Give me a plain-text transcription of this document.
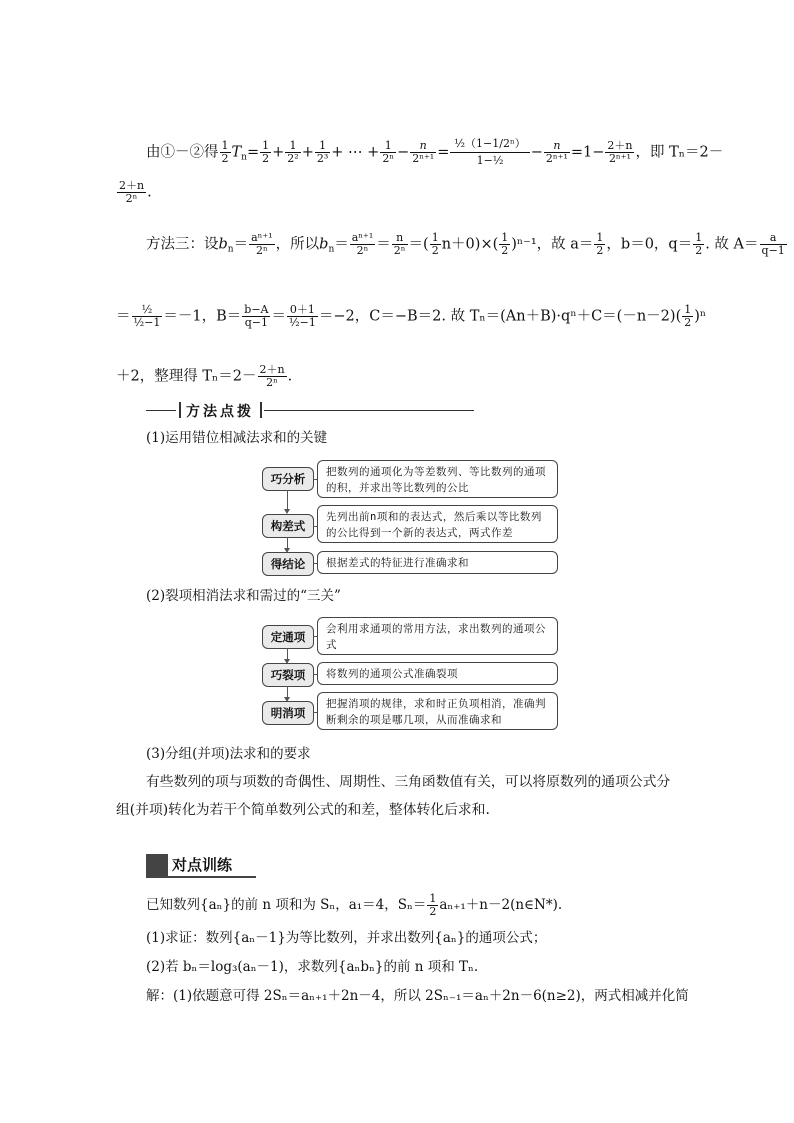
由①－②得 $\frac{1}{2} T_n= \frac{1}{2} + \frac{1}{\text{2²}} + \frac{1}{\text{2³}}$ + ⋯ + $\frac{1}{\text{2ⁿ}} - \frac{n}{\text{2ⁿ⁺¹}} = \frac{\text{½（1−1/2ⁿ）}}{\text{1−½}} - \frac{n}{\text{2ⁿ⁺¹}} =1- \frac{2+n}{\text{2ⁿ⁺¹}}$ ，即 Tₙ＝2－
$\frac{2+n}{\text{2ⁿ}}$ .
方法三：设$b_n= \frac{\text{aⁿ⁺¹}}{\text{2ⁿ}}$ ，所以$b_n= \frac{\text{aⁿ⁺¹}}{\text{2ⁿ}} = \frac{n}{\text{2ⁿ}}$ ＝( $\frac{1}{2} n+0)\times( \frac{1}{2} )^{n-1}$，故 $a= \frac{1}{2}$ ，b＝0，$q= \frac{1}{2}$ . 故 $A= \frac{a}{q-1}$
＝ $\frac{\text{½}}{\text{½−1}} =-1$，$B= \frac{b-A}{q-1} = \frac{0+1}{\text{½−1}} =-2$，C＝−B＝2. 故 $T_n=(An+B)\cdot q^n+C=(-n-2)( \frac{1}{2} )^n$
＋2，整理得 $T_n=2- \frac{2+n}{\text{2ⁿ}}$ .
方法点拨
(1)运用错位相减法求和的关键
巧分析	把数列的通项化为等差数列、等比数列的通项的积，并求出等比数列的公比
构差式
先列出前n项和的表达式，然后乘以等比数列的公比得到一个新的表达式，两式作差
得结论	根据差式的特征进行准确求和
(2)裂项相消法求和需过的“三关”
定通项
会利用求通项的常用方法，求出数列的通项公式
巧裂项	将数列的通项公式准确裂项
明消项
把握消项的规律，求和时正负项相消，准确判断剩余的项是哪几项，从而准确求和
(3)分组(并项)法求和的要求
有些数列的项与项数的奇偶性、周期性、三角函数值有关，可以将原数列的通项公式分
组(并项)转化为若干个简单数列公式的和差，整体转化后求和.
对点训练
已知数列{aₙ}的前 n 项和为 Sₙ，a₁＝4，$S_n= \frac{1}{2}$ aₙ₊₁＋n－2(n∈N*).
(1)求证：数列{aₙ－1}为等比数列，并求出数列{aₙ}的通项公式；
(2)若 bₙ＝log₃(aₙ－1)，求数列{aₙbₙ}的前 n 项和 Tₙ.
解：(1)依题意可得 2Sₙ＝aₙ₊₁＋2n－4，所以 2Sₙ₋₁＝aₙ＋2n－6(n≥2)，两式相减并化简
